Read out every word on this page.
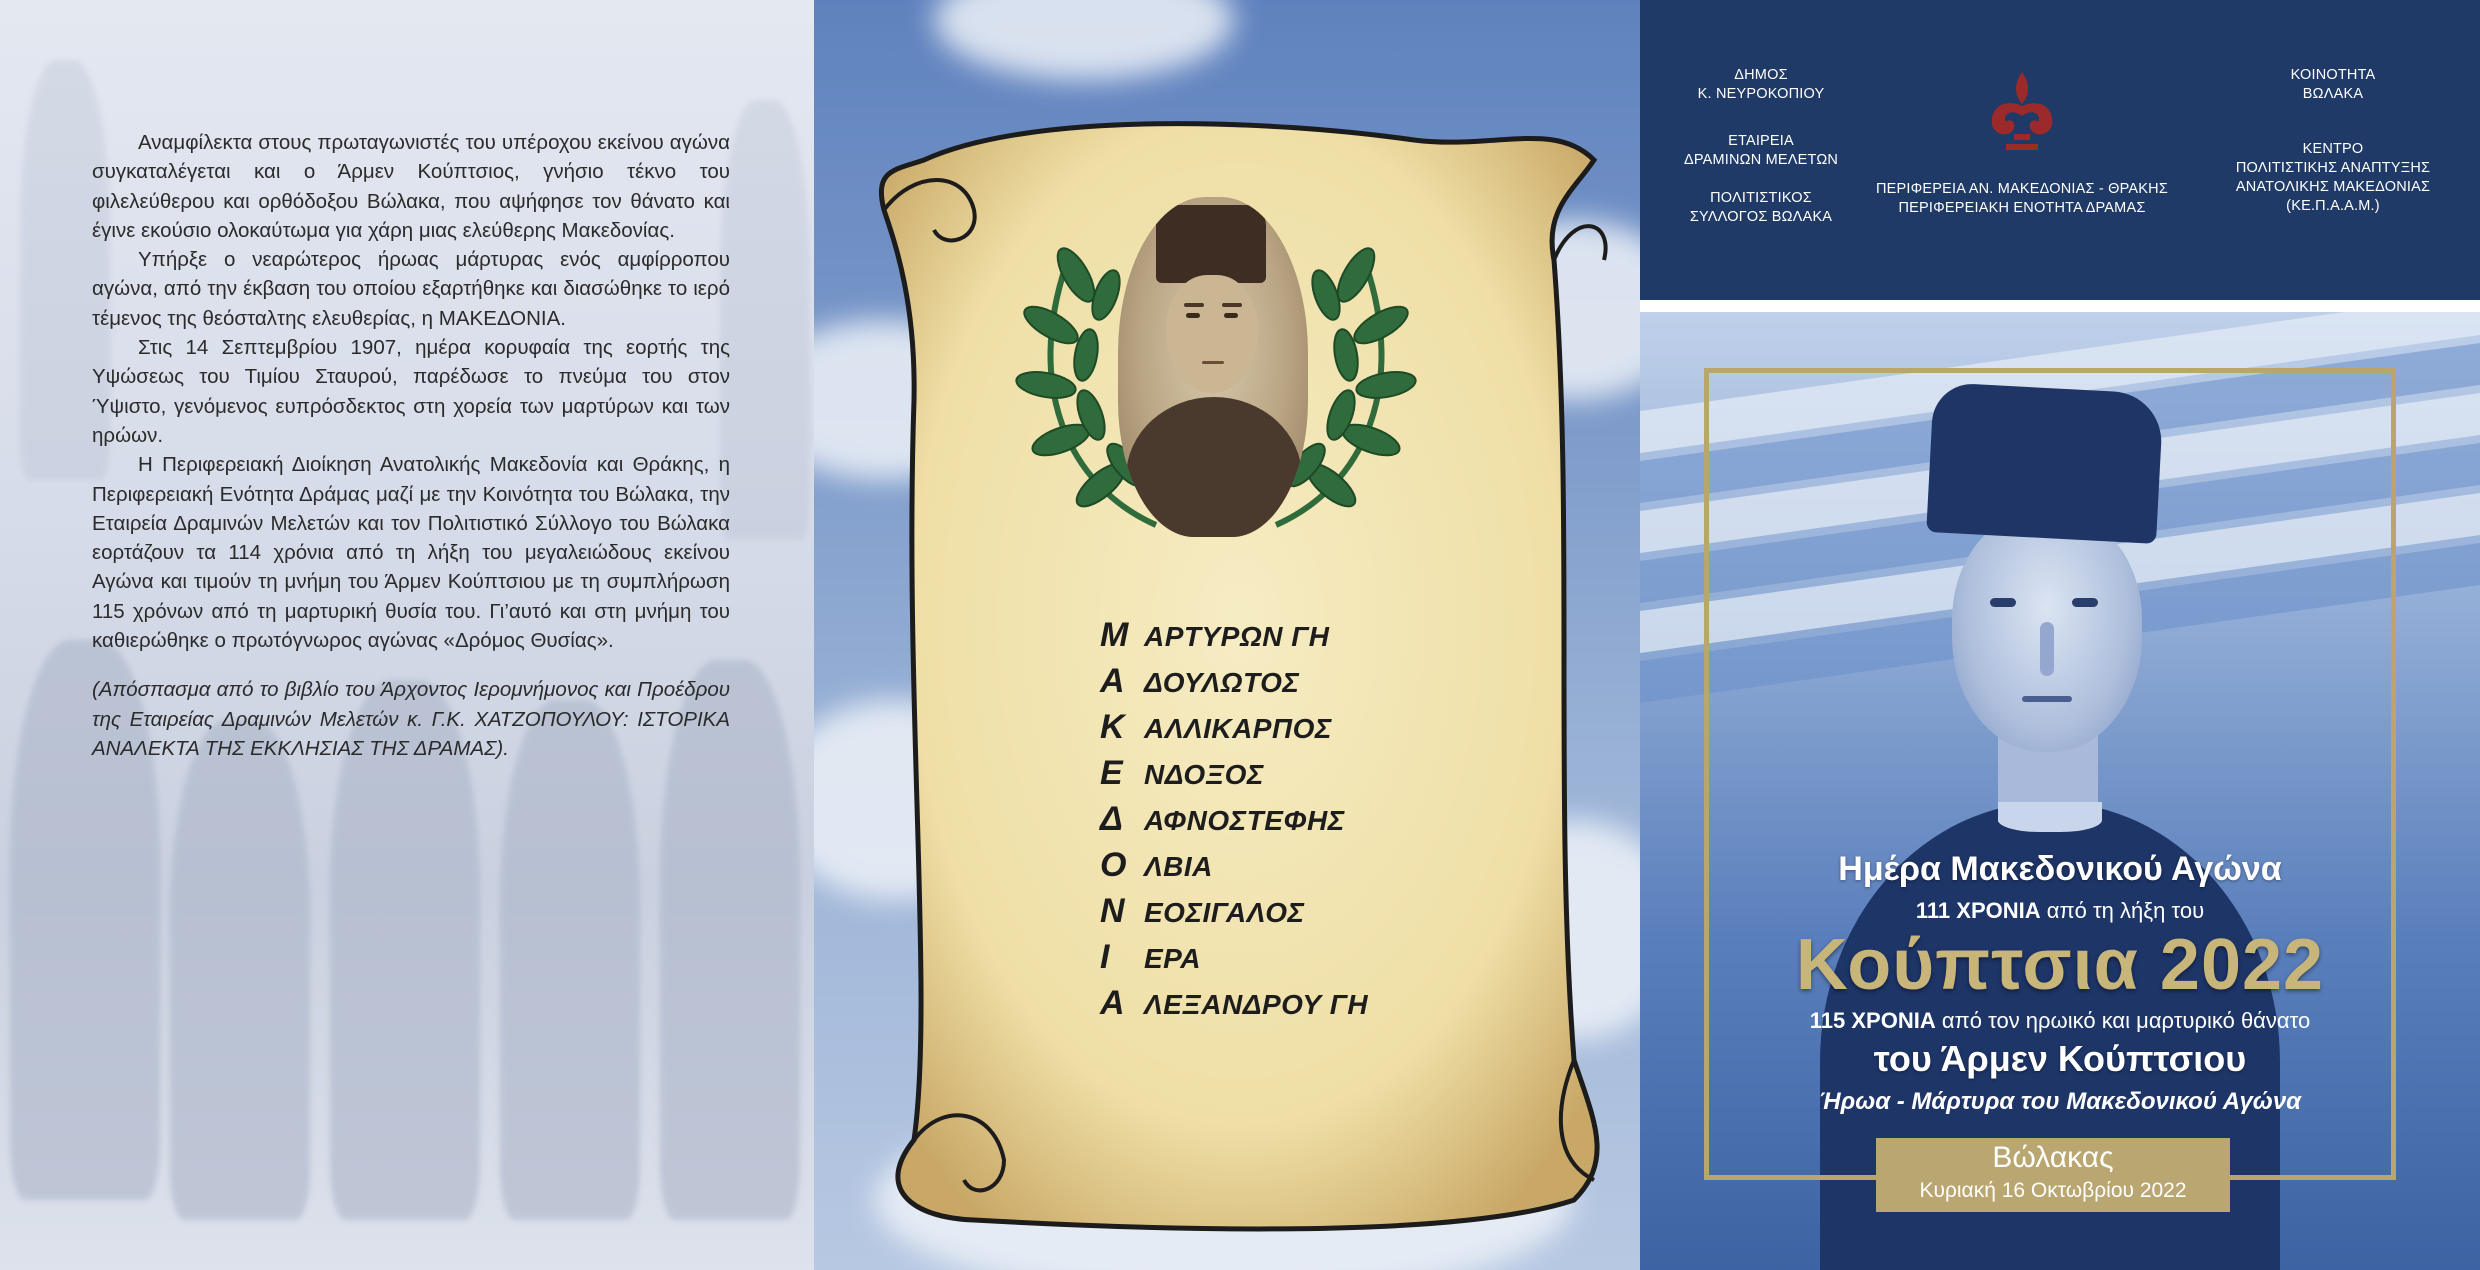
Αναμφίλεκτα στους πρωταγωνιστές του υπέροχου εκείνου αγώνα συγκαταλέγεται και ο Άρμεν Κούπτσιος, γνήσιο τέκνο του φιλελεύθερου και ορθόδοξου Βώλακα, που αψήφησε τον θάνατο και έγινε εκούσιο ολοκαύτωμα για χάρη μιας ελεύθερης Μακεδονίας.

Υπήρξε ο νεαρώτερος ήρωας μάρτυρας ενός αμφίρροπου αγώνα, από την έκβαση του οποίου εξαρτήθηκε και διασώθηκε το ιερό τέμενος της θεόσταλτης ελευθερίας, η ΜΑΚΕΔΟΝΙΑ.

Στις 14 Σεπτεμβρίου 1907, ημέρα κορυφαία της εορτής της Υψώσεως του Τιμίου Σταυρού, παρέδωσε το πνεύμα του στον Ύψιστο, γενόμενος ευπρόσδεκτος στη χορεία των μαρτύρων και των ηρώων.

Η Περιφερειακή Διοίκηση Ανατολικής Μακεδονία και Θράκης, η Περιφερειακή Ενότητα Δράμας μαζί με την Κοινότητα του Βώλακα, την Εταιρεία Δραμινών Μελετών και τον Πολιτιστικό Σύλλογο του Βώλακα εορτάζουν τα 114 χρόνια από τη λήξη του μεγαλειώδους εκείνου Αγώνα και τιμούν τη μνήμη του Άρμεν Κούπτσιου με τη συμπλήρωση 115 χρόνων από τη μαρτυρική θυσία του. Γι’αυτό και στη μνήμη του καθιερώθηκε ο πρωτόγνωρος αγώνας «Δρόμος Θυσίας».

(Απόσπασμα από το βιβλίο του Άρχοντος Ιερομνήμονος και Προέδρου της Εταιρείας Δραμινών Μελετών κ. Γ.Κ. ΧΑΤΖΟΠΟΥΛΟΥ: ΙΣΤΟΡΙΚΑ ΑΝΑΛΕΚΤΑ ΤΗΣ ΕΚΚΛΗΣΙΑΣ ΤΗΣ ΔΡΑΜΑΣ).

Μ ΑΡΤΥΡΩΝ ΓΗ
Α ΔΟΥΛΩΤΟΣ
Κ ΑΛΛΙΚΑΡΠΟΣ
Ε ΝΔΟΞΟΣ
Δ ΑΦΝΟΣΤΕΦΗΣ
Ο ΛΒΙΑ
Ν ΕΟΣΙΓΑΛΟΣ
Ι ΕΡΑ
Α ΛΕΞΑΝΔΡΟΥ ΓΗ
ΔΗΜΟΣ
Κ. ΝΕΥΡΟΚΟΠΙΟΥ
ΕΤΑΙΡΕΙΑ
ΔΡΑΜΙΝΩΝ ΜΕΛΕΤΩΝ
ΠΟΛΙΤΙΣΤΙΚΟΣ
ΣΥΛΛΟΓΟΣ ΒΩΛΑΚΑ
ΠΕΡΙΦΕΡΕΙΑ ΑΝ. ΜΑΚΕΔΟΝΙΑΣ - ΘΡΑΚΗΣ
ΠΕΡΙΦΕΡΕΙΑΚΗ ΕΝΟΤΗΤΑ ΔΡΑΜΑΣ
ΚΟΙΝΟΤΗΤΑ
ΒΩΛΑΚΑ
ΚΕΝΤΡΟ
ΠΟΛΙΤΙΣΤΙΚΗΣ ΑΝΑΠΤΥΞΗΣ
ΑΝΑΤΟΛΙΚΗΣ ΜΑΚΕΔΟΝΙΑΣ
(ΚΕ.Π.Α.Α.Μ.)
Ημέρα Μακεδονικού Αγώνα
111 ΧΡΟΝΙΑ από τη λήξη του
Κούπτσια 2022
115 ΧΡΟΝΙΑ από τον ηρωικό και μαρτυρικό θάνατο
του Άρμεν Κούπτσιου
Ήρωα - Μάρτυρα του Μακεδονικού Αγώνα
Βώλακας
Κυριακή 16 Οκτωβρίου 2022
